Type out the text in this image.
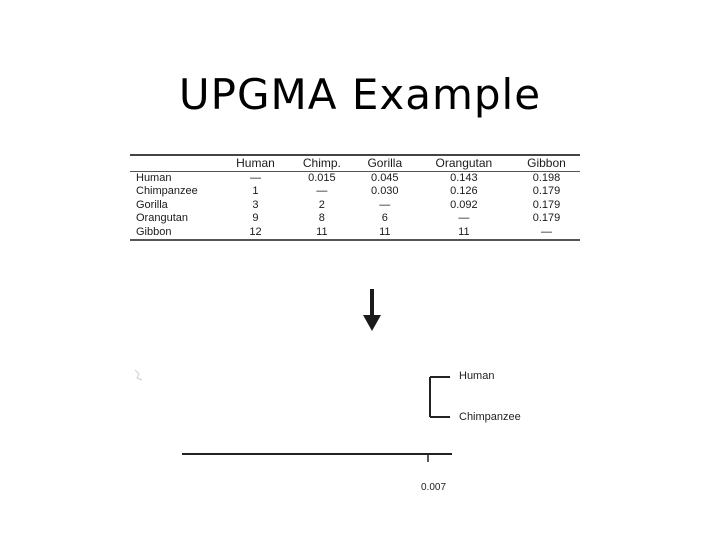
UPGMA Example
	Human	Chimp.	Gorilla	Orangutan	Gibbon
Human	—	0.015	0.045	0.143	0.198
Chimpanzee	1	—	0.030	0.126	0.179
Gorilla	3	2	—	0.092	0.179
Orangutan	9	8	6	—	0.179
Gibbon	12	11	11	11	—
Human
Chimpanzee
0.007
